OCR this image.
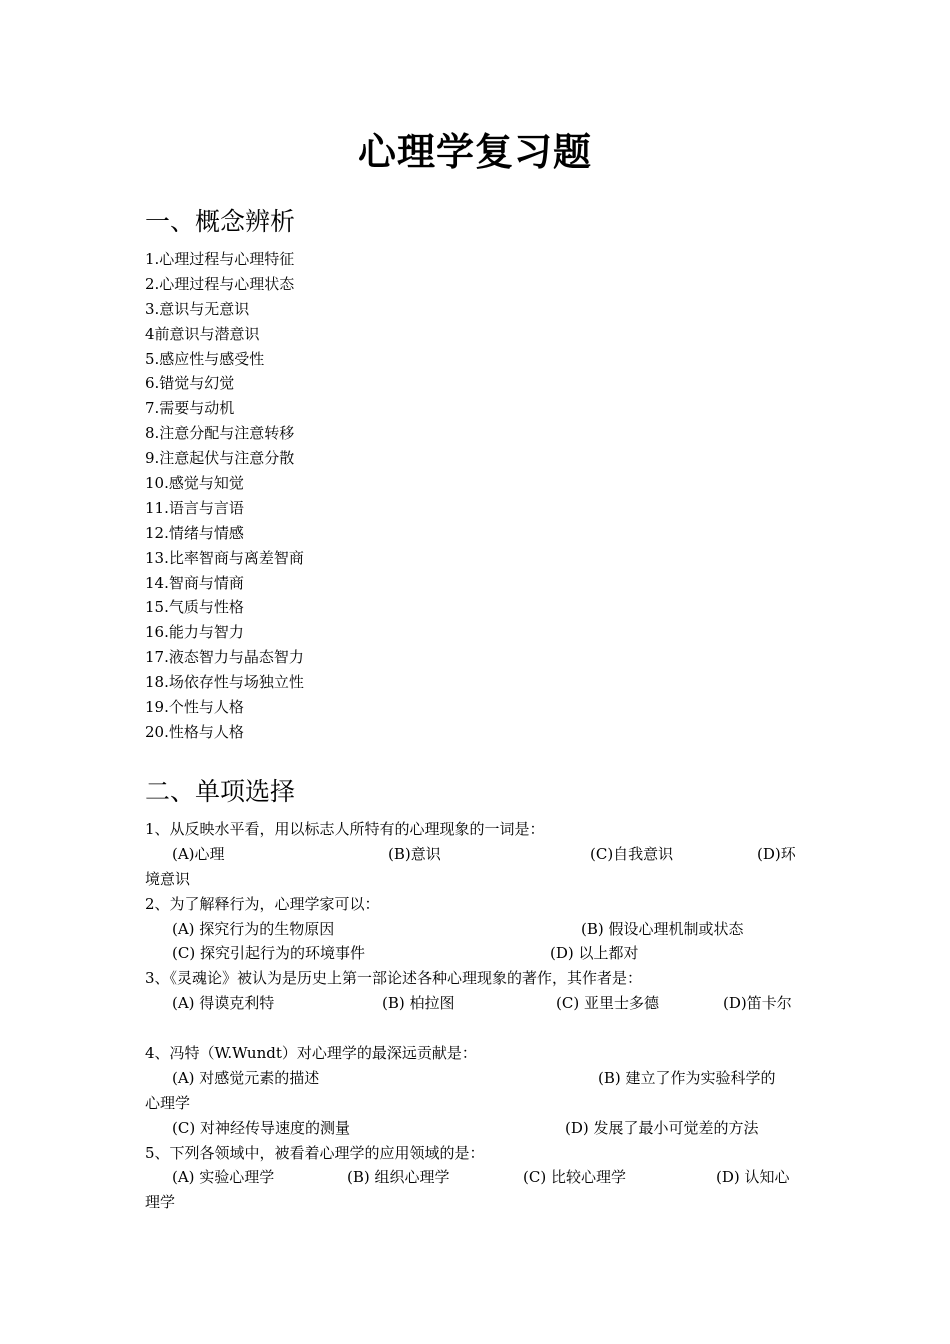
心理学复习题
一、概念辨析
1.心理过程与心理特征
2.心理过程与心理状态
3.意识与无意识
4前意识与潜意识
5.感应性与感受性
6.错觉与幻觉
7.需要与动机
8.注意分配与注意转移
9.注意起伏与注意分散
10.感觉与知觉
11.语言与言语
12.情绪与情感
13.比率智商与离差智商
14.智商与情商
15.气质与性格
16.能力与智力
17.液态智力与晶态智力
18.场依存性与场独立性
19.个性与人格
20.性格与人格
二、单项选择
1、从反映水平看，用以标志人所特有的心理现象的一词是：
(A)心理	(B)意识	(C)自我意识	(D)环
境意识
2、为了解释行为，心理学家可以：
(A) 探究行为的生物原因	(B) 假设心理机制或状态
(C) 探究引起行为的环境事件	(D) 以上都对
3、《灵魂论》被认为是历史上第一部论述各种心理现象的著作，其作者是：
(A) 得谟克利特	(B) 柏拉图	(C) 亚里士多德	(D)笛卡尔
4、冯特（W.Wundt）对心理学的最深远贡献是：
(A) 对感觉元素的描述	(B) 建立了作为实验科学的
心理学
(C) 对神经传导速度的测量	(D) 发展了最小可觉差的方法
5、下列各领域中，被看着心理学的应用领域的是：
(A) 实验心理学	(B) 组织心理学	(C) 比较心理学	(D) 认知心
理学
